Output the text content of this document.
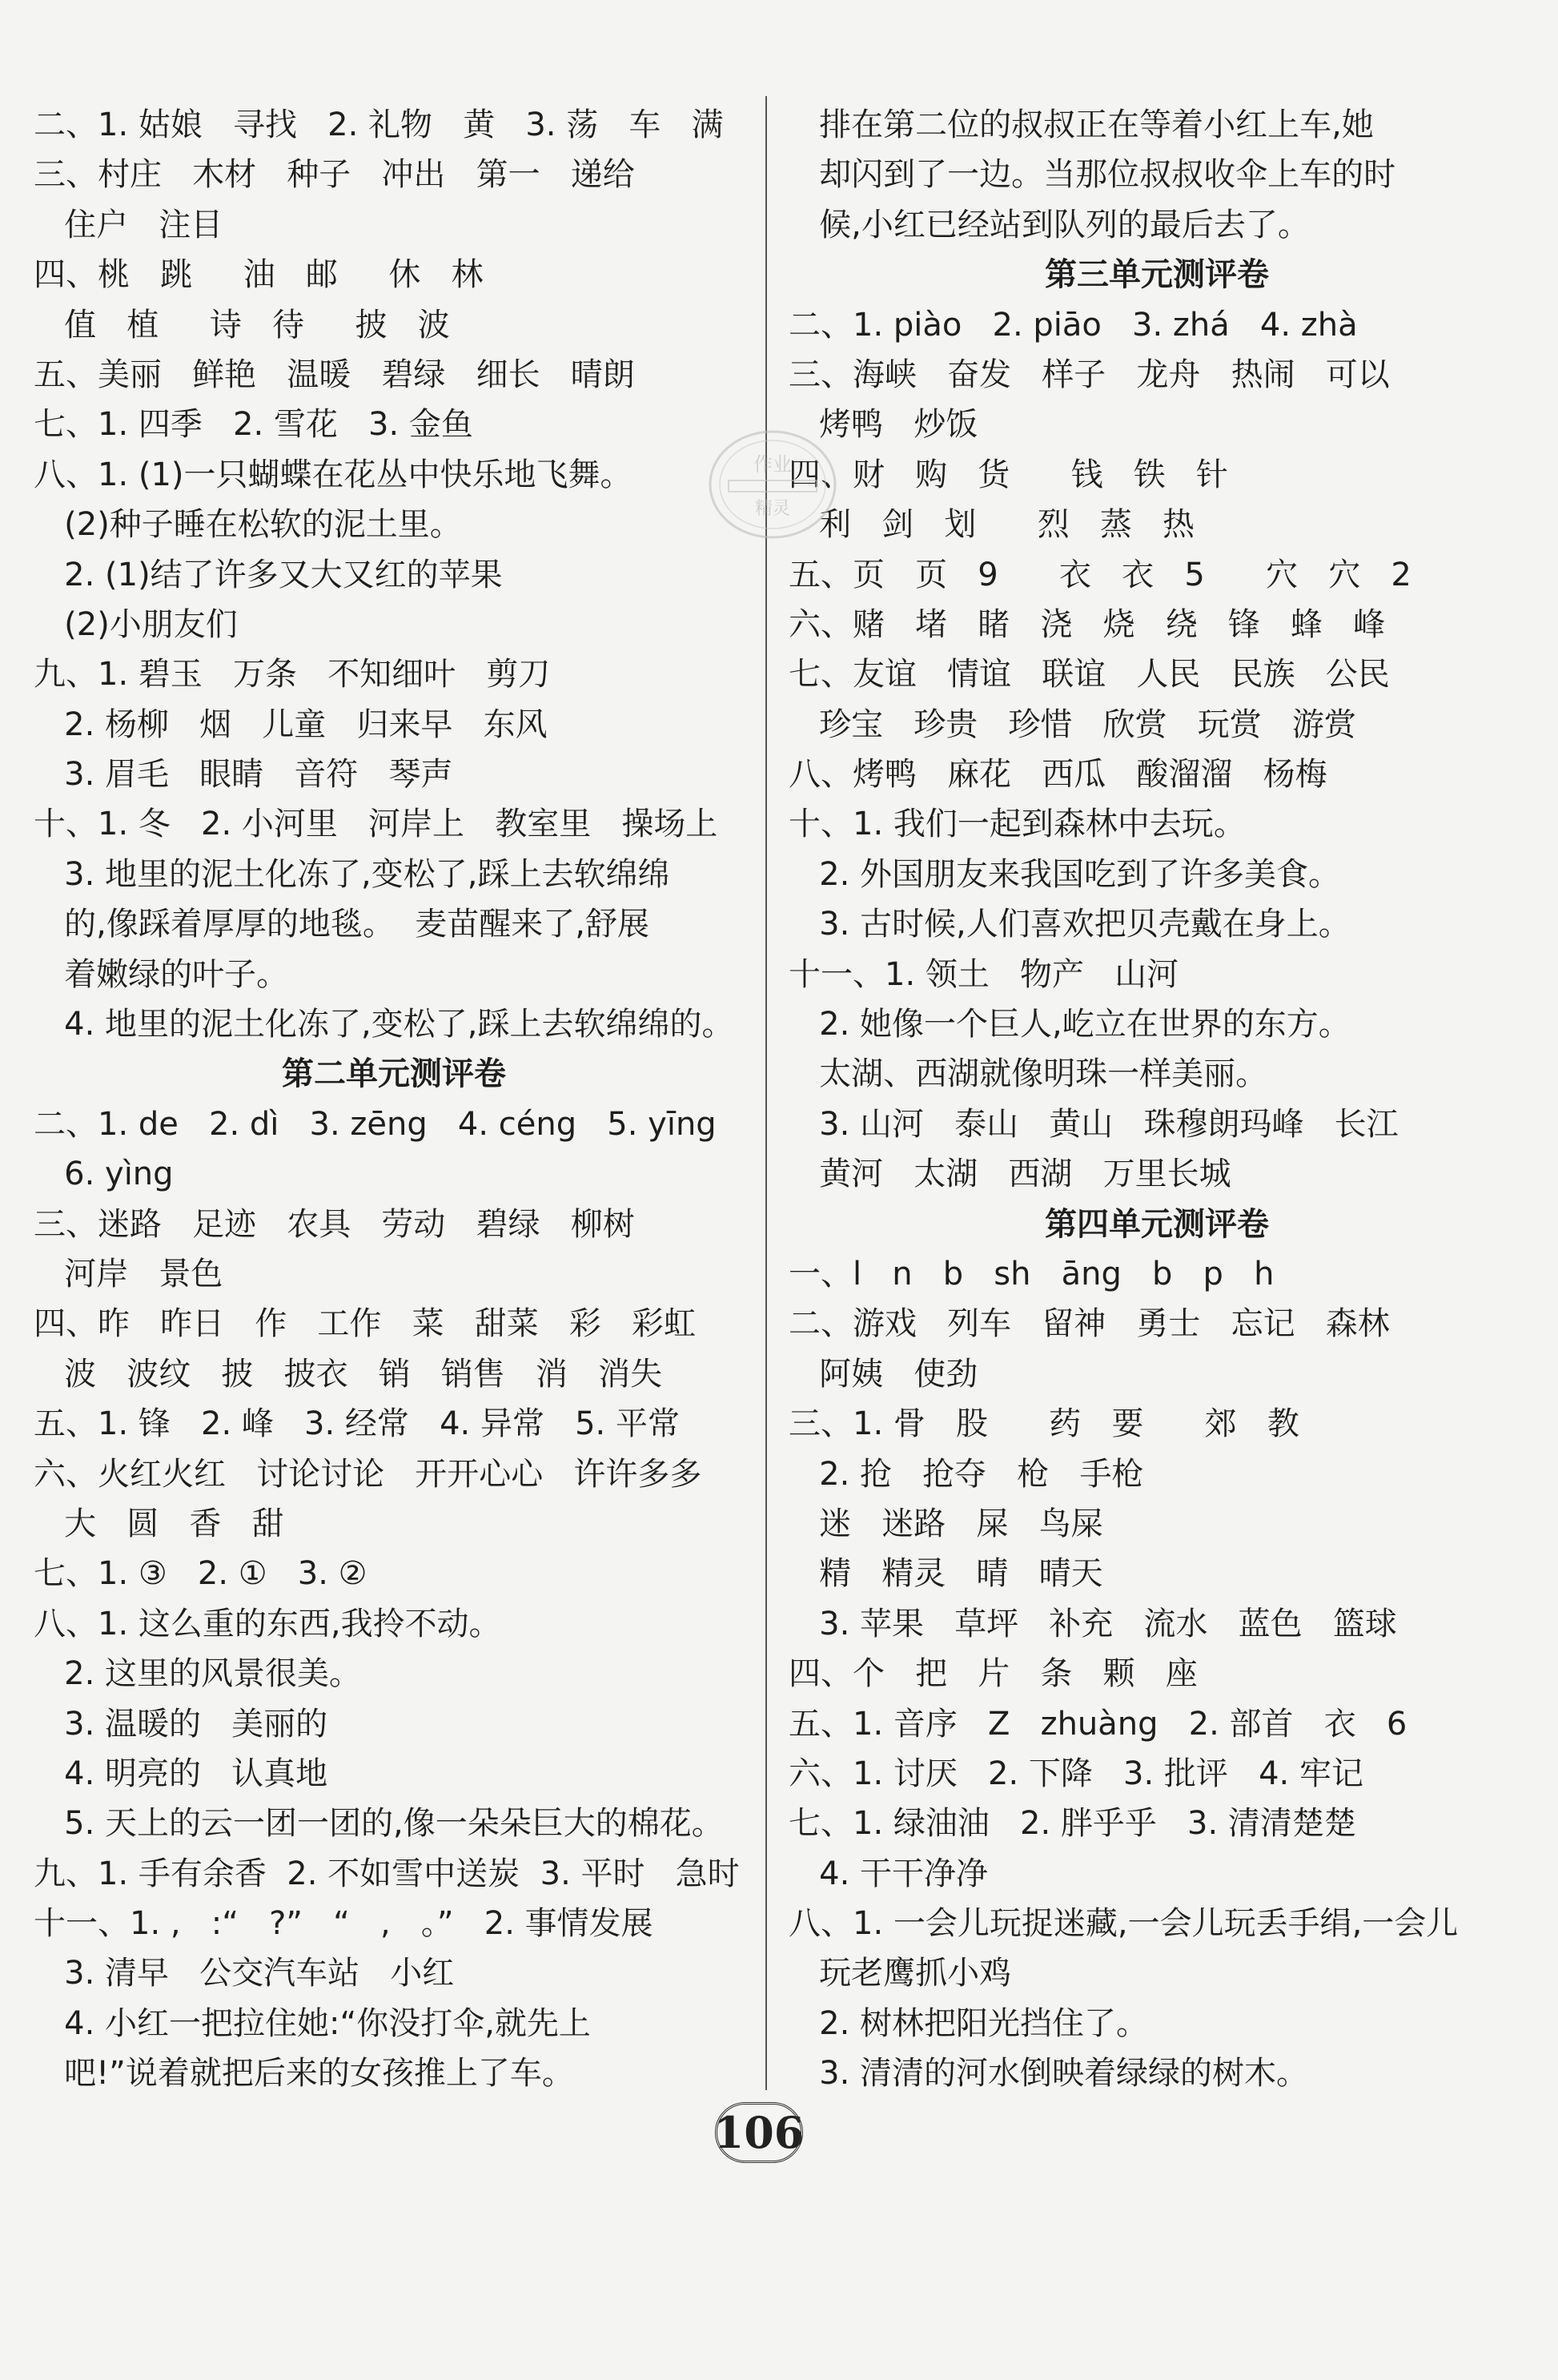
二、1. 姑娘   寻找   2. 礼物   黄   3. 荡   车   满
三、村庄   木材   种子   冲出   第一   递给
住户   注目
四、桃   跳     油   邮     休   林
值   植     诗   待     披   波
五、美丽   鲜艳   温暖   碧绿   细长   晴朗
七、1. 四季   2. 雪花   3. 金鱼
八、1. (1)一只蝴蝶在花丛中快乐地飞舞。
(2)种子睡在松软的泥土里。
2. (1)结了许多又大又红的苹果
(2)小朋友们
九、1. 碧玉   万条   不知细叶   剪刀
2. 杨柳   烟   儿童   归来早   东风
3. 眉毛   眼睛   音符   琴声
十、1. 冬   2. 小河里   河岸上   教室里   操场上
3. 地里的泥土化冻了,变松了,踩上去软绵绵
的,像踩着厚厚的地毯。  麦苗醒来了,舒展
着嫩绿的叶子。
4. 地里的泥土化冻了,变松了,踩上去软绵绵的。
第二单元测评卷
二、1. de   2. dì   3. zēng   4. céng   5. yīng
6. yìng
三、迷路   足迹   农具   劳动   碧绿   柳树
河岸   景色
四、昨   昨日   作   工作   菜   甜菜   彩   彩虹
波   波纹   披   披衣   销   销售   消   消失
五、1. 锋   2. 峰   3. 经常   4. 异常   5. 平常
六、火红火红   讨论讨论   开开心心   许许多多
大   圆   香   甜
七、1. ③   2. ①   3. ②
八、1. 这么重的东西,我拎不动。
2. 这里的风景很美。
3. 温暖的   美丽的
4. 明亮的   认真地
5. 天上的云一团一团的,像一朵朵巨大的棉花。
九、1. 手有余香  2. 不如雪中送炭  3. 平时   急时
十一、1. ,   :“   ?”   “   ,   。”   2. 事情发展
3. 清早   公交汽车站   小红
4. 小红一把拉住她:“你没打伞,就先上
吧!”说着就把后来的女孩推上了车。
排在第二位的叔叔正在等着小红上车,她
却闪到了一边。当那位叔叔收伞上车的时
候,小红已经站到队列的最后去了。
第三单元测评卷
二、1. piào   2. piāo   3. zhá   4. zhà
三、海峡   奋发   样子   龙舟   热闹   可以
烤鸭   炒饭
四、财   购   货      钱   铁   针
利   剑   划      烈   蒸   热
五、页   页   9      衣   衣   5      穴   穴   2
六、赌   堵   睹   浇   烧   绕   锋   蜂   峰
七、友谊   情谊   联谊   人民   民族   公民
珍宝   珍贵   珍惜   欣赏   玩赏   游赏
八、烤鸭   麻花   西瓜   酸溜溜   杨梅
十、1. 我们一起到森林中去玩。
2. 外国朋友来我国吃到了许多美食。
3. 古时候,人们喜欢把贝壳戴在身上。
十一、1. 领土   物产   山河
2. 她像一个巨人,屹立在世界的东方。
太湖、西湖就像明珠一样美丽。
3. 山河   泰山   黄山   珠穆朗玛峰   长江
黄河   太湖   西湖   万里长城
第四单元测评卷
一、l   n   b   sh   āng   b   p   h
二、游戏   列车   留神   勇士   忘记   森林
阿姨   使劲
三、1. 骨   股      药   要      郊   教
2. 抢   抢夺   枪   手枪
迷   迷路   屎   鸟屎
精   精灵   晴   晴天
3. 苹果   草坪   补充   流水   蓝色   篮球
四、个   把   片   条   颗   座
五、1. 音序   Z   zhuàng   2. 部首   衣   6
六、1. 讨厌   2. 下降   3. 批评   4. 牢记
七、1. 绿油油   2. 胖乎乎   3. 清清楚楚
4. 干干净净
八、1. 一会儿玩捉迷藏,一会儿玩丢手绢,一会儿
玩老鹰抓小鸡
2. 树林把阳光挡住了。
3. 清清的河水倒映着绿绿的树木。
作业
精灵
106
